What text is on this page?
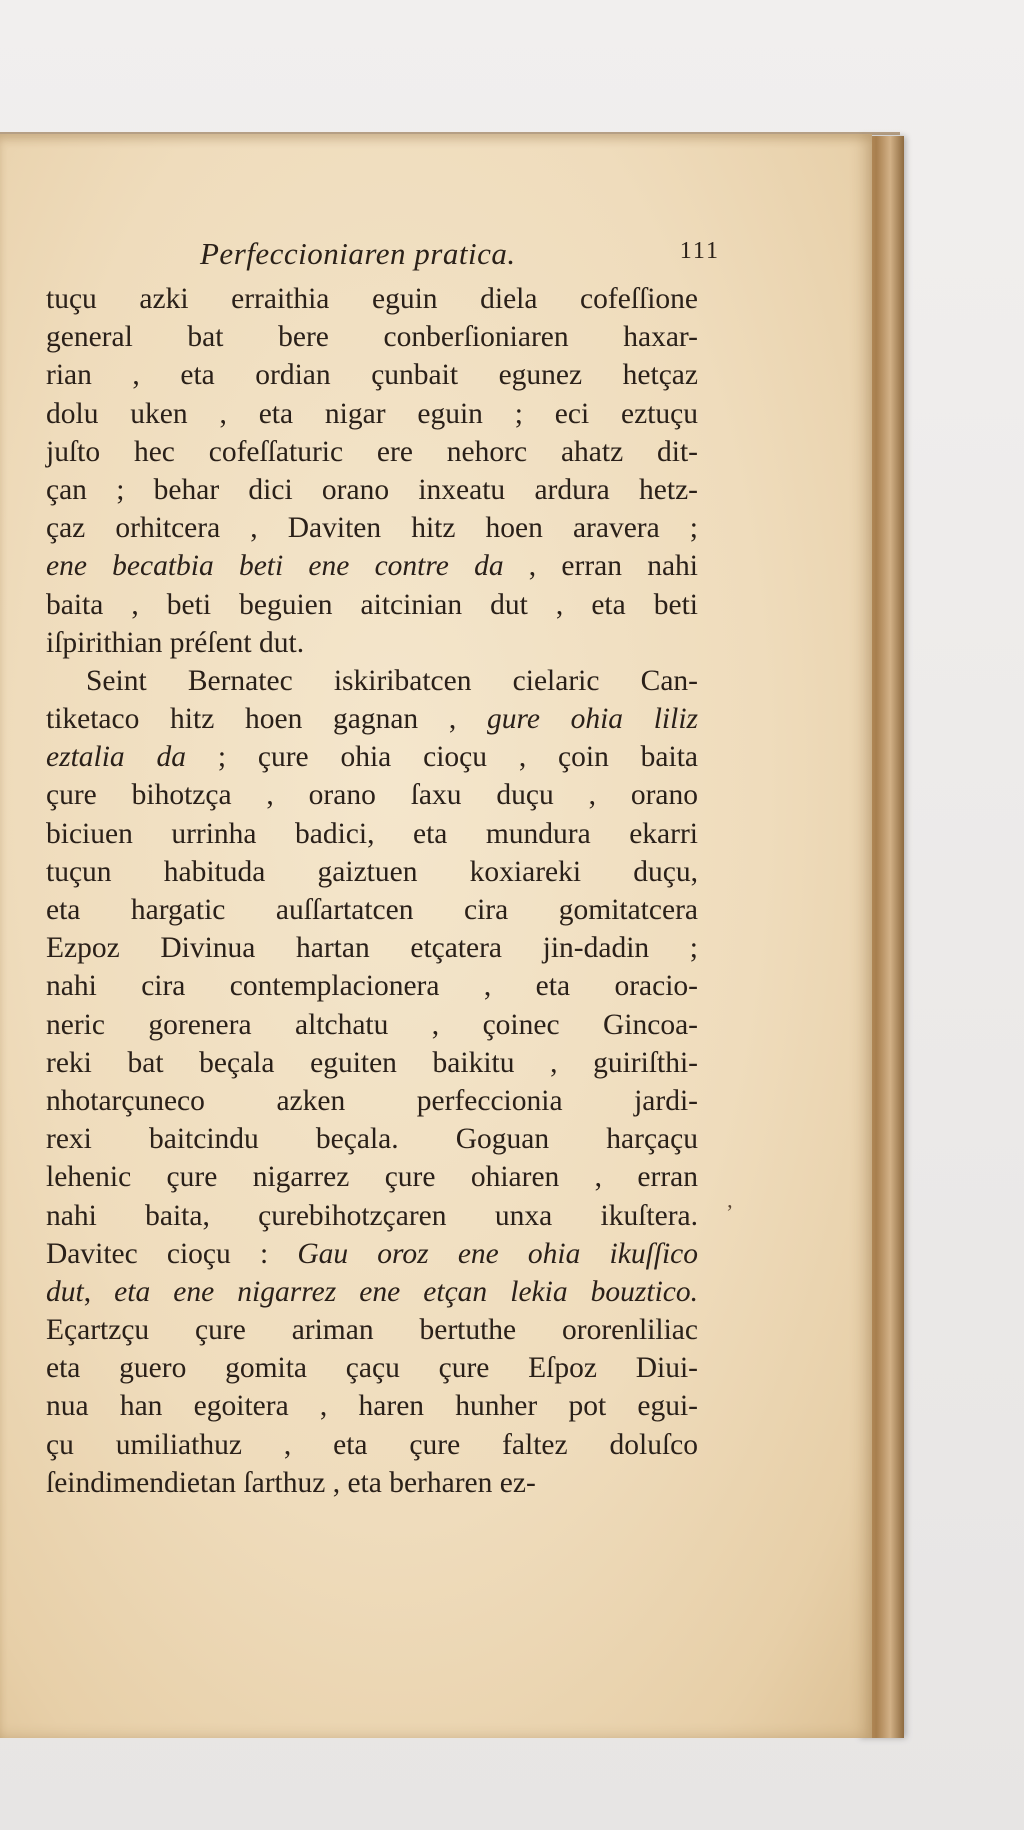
Perfeccioniaren pratica.	111
tuçu azki erraithia eguin diela cofeſſione
general bat bere conberſioniaren haxar-
rian , eta ordian çunbait egunez hetçaz
dolu uken , eta nigar eguin ; eci eztuçu
juſto hec cofeſſaturic ere nehorc ahatz dit-
çan ; behar dici orano inxeatu ardura hetz-
çaz orhitcera , Daviten hitz hoen aravera ;
ene becatbia beti ene contre da , erran nahi
baita , beti beguien aitcinian dut , eta beti
iſpirithian préſent dut.
Seint Bernatec iskiribatcen cielaric Can-
tiketaco hitz hoen gagnan , gure ohia liliz
eztalia da ; çure ohia cioçu , çoin baita
çure bihotzça , orano ſaxu duçu , orano
biciuen urrinha badici, eta mundura ekarri
tuçun habituda gaiztuen koxiareki duçu,
eta hargatic auſſartatcen cira gomitatcera
Ezpoz Divinua hartan etçatera jin-dadin ;
nahi cira contemplacionera , eta oracio-
neric gorenera altchatu , çoinec Gincoa-
reki bat beçala eguiten baikitu , guiriſthi-
nhotarçuneco azken perfeccionia jardi-
rexi baitcindu beçala. Goguan harçaçu
lehenic çure nigarrez çure ohiaren , erran
nahi baita, çurebihotzçaren unxa ikuſtera.
Davitec cioçu : Gau oroz ene ohia ikuſſico
dut, eta ene nigarrez ene etçan lekia bouztico.
Eçartzçu çure ariman bertuthe ororenliliac
eta guero gomita çaçu çure Eſpoz Diui-
nua han egoitera , haren hunher pot egui-
çu umiliathuz , eta çure faltez doluſco
ſeindimendietan ſarthuz , eta berharen ez-
ʼ
